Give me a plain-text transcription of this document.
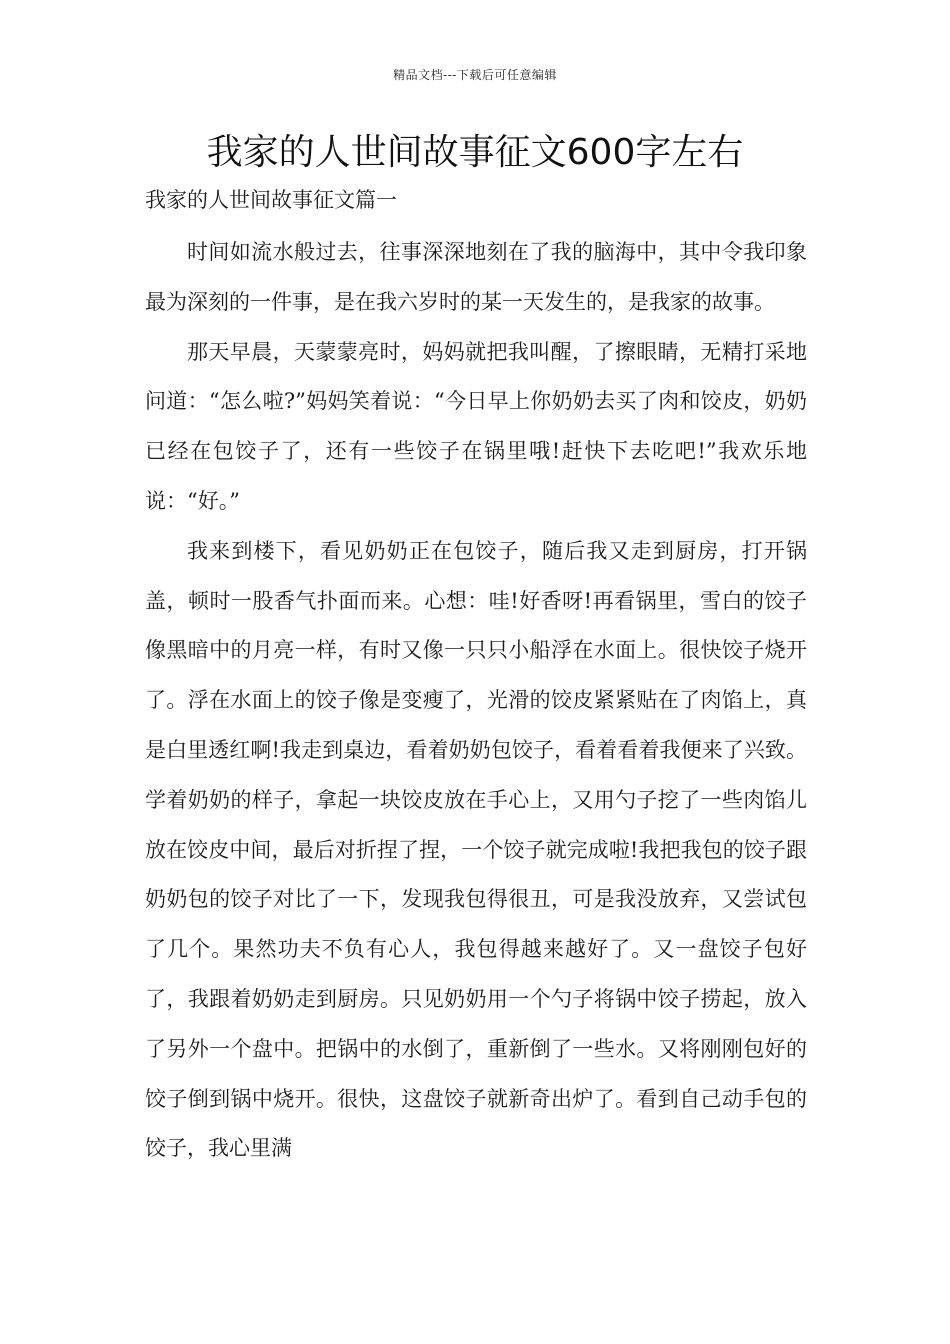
精品文档---下载后可任意编辑
我家的人世间故事征文600字左右
我家的人世间故事征文篇一

时间如流水般过去，往事深深地刻在了我的脑海中，其中令我印象最为深刻的一件事，是在我六岁时的某一天发生的，是我家的故事。

那天早晨，天蒙蒙亮时，妈妈就把我叫醒，了擦眼睛，无精打采地问道：“怎么啦?”妈妈笑着说：“今日早上你奶奶去买了肉和饺皮，奶奶已经在包饺子了，还有一些饺子在锅里哦!赶快下去吃吧!”我欢乐地说：“好。”

我来到楼下，看见奶奶正在包饺子，随后我又走到厨房，打开锅盖，顿时一股香气扑面而来。心想：哇!好香呀!再看锅里，雪白的饺子像黑暗中的月亮一样，有时又像一只只小船浮在水面上。很快饺子烧开了。浮在水面上的饺子像是变瘦了，光滑的饺皮紧紧贴在了肉馅上，真是白里透红啊!我走到桌边，看着奶奶包饺子，看着看着我便来了兴致。学着奶奶的样子，拿起一块饺皮放在手心上，又用勺子挖了一些肉馅儿放在饺皮中间，最后对折捏了捏，一个饺子就完成啦!我把我包的饺子跟奶奶包的饺子对比了一下，发现我包得很丑，可是我没放弃，又尝试包了几个。果然功夫不负有心人，我包得越来越好了。又一盘饺子包好了，我跟着奶奶走到厨房。只见奶奶用一个勺子将锅中饺子捞起，放入了另外一个盘中。把锅中的水倒了，重新倒了一些水。又将刚刚包好的饺子倒到锅中烧开。很快，这盘饺子就新奇出炉了。看到自己动手包的饺子，我心里满
